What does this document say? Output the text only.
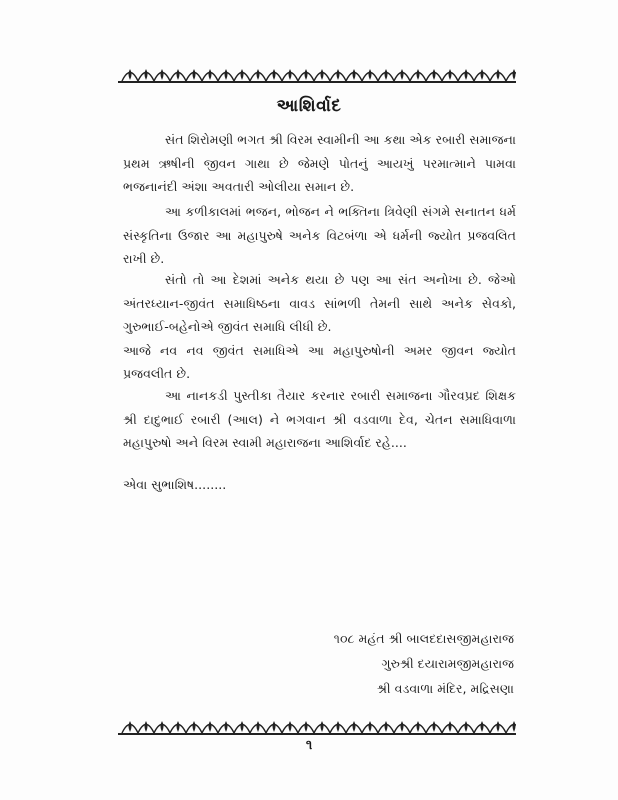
આશિર્વાદ

સંત શિરોમણી ભગત શ્રી વિરમ સ્વામીની આ કથા એક રબારી સમાજના પ્રથમ ઋષીની જીવન ગાથા છે જેમણે પોતનું આયખું પરમાત્માને પામવા ભજનાનંદી અંશા અવતારી ઓલીયા સમાન છે.

આ કળીકાલમાં ભજન, ભોજન ને ભક્તિના ત્રિવેણી સંગમે સનાતન ધર્મ સંસ્કૃતિના ઉજાર આ મહાપુરુષે અનેક વિટબંળા એ ધર્મની જ્યોત પ્રજવલિત રાખી છે.

સંતો તો આ દેશમાં અનેક થયા છે પણ આ સંત અનોખા છે. જેઓ અંતરધ્યાન-જીવંત સમાધિષ્ઠના વાવડ સાંભળી તેમની સાથે અનેક સેવકો, ગુરુભાઈ-બહેનોએ જીવંત સમાધિ લીધી છે.

આજે નવ નવ જીવંત સમાધિએ આ મહાપુરુષોની અમર જીવન જ્યોત પ્રજવલીત છે.

આ નાનકડી પુસ્તીકા તૈયાર કરનાર રબારી સમાજના ગૌરવપ્રદ શિક્ષક શ્રી દાદુભાઈ રબારી (આલ) ને ભગવાન શ્રી વડવાળા દેવ, ચેતન સમાધિવાળા મહાપુરુષો અને વિરમ સ્વામી મહારાજના આશિર્વાદ રહે....

એવા સુભાશિષ........

૧૦૮ મહંત શ્રી બાલદદાસજીમહારાજ
ગુરુશ્રી દયારામજીમહારાજ
શ્રી વડવાળા મંદિર, મદ્રિસણા
૧
